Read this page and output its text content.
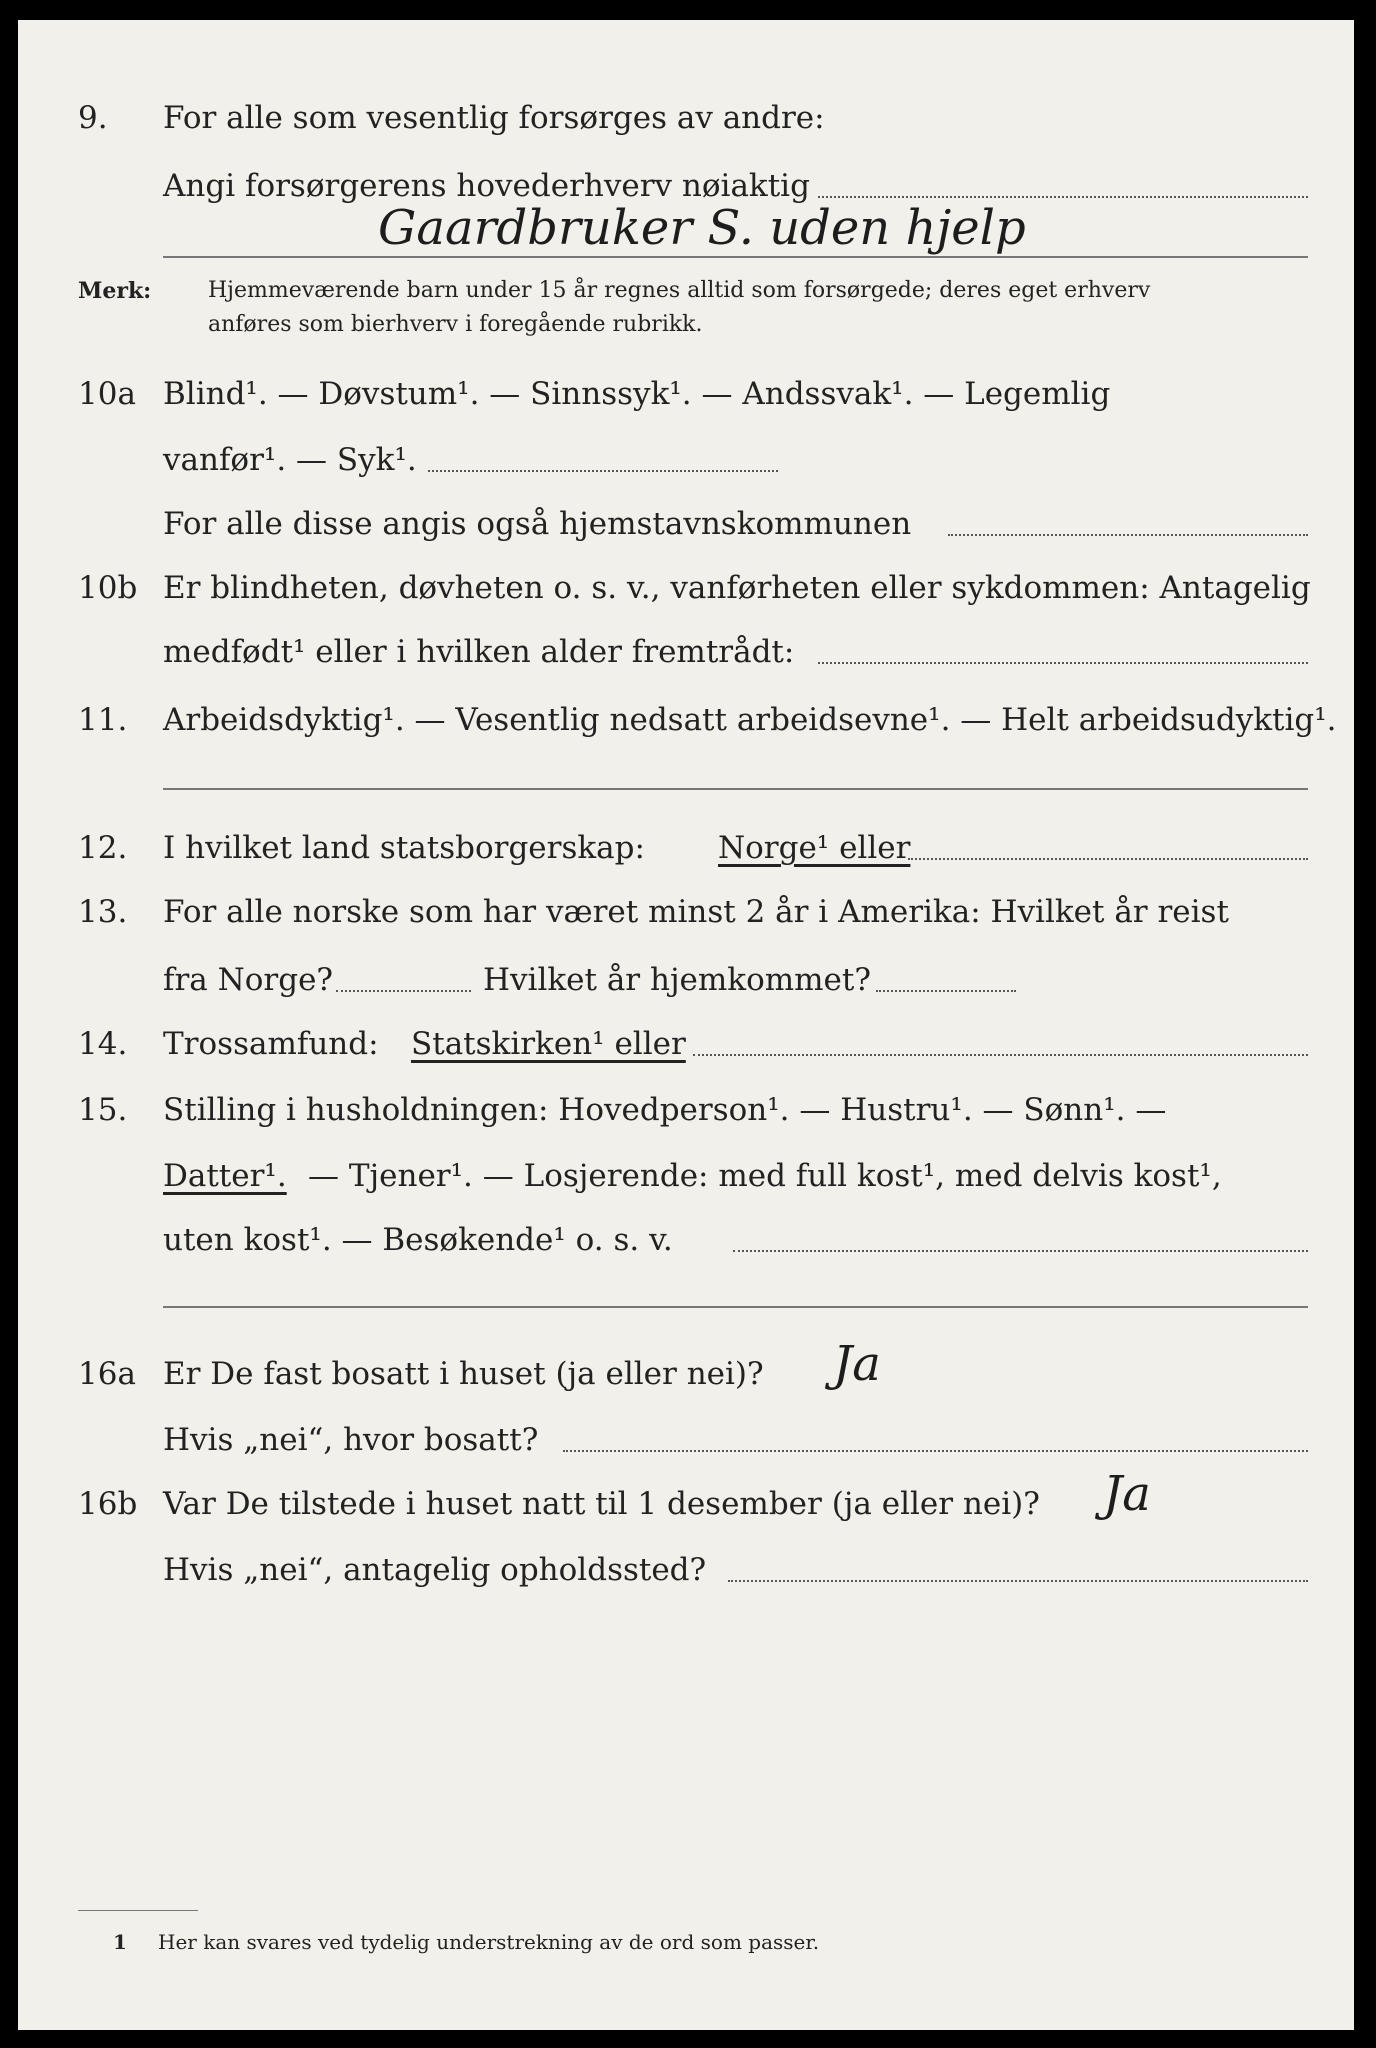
9. For alle som vesentlig forsørges av andre:
Angi forsørgerens hovederhverv nøiaktig
Gaardbruker S. uden hjelp
Merk:	Hjemmeværende barn under 15 år regnes alltid som forsørgede; deres eget erhverv
anføres som bierhverv i foregående rubrikk.
10a Blind¹. — Døvstum¹. — Sinnssyk¹. — Andssvak¹. — Legemlig
vanfør¹. — Syk¹.
For alle disse angis også hjemstavnskommunen
10b Er blindheten, døvheten o. s. v., vanførheten eller sykdommen: Antagelig
medfødt¹ eller i hvilken alder fremtrådt:
11. Arbeidsdyktig¹. — Vesentlig nedsatt arbeidsevne¹. — Helt arbeidsudyktig¹.
12. I hvilket land statsborgerskap: Norge¹ eller
13. For alle norske som har været minst 2 år i Amerika: Hvilket år reist
fra Norge?	Hvilket år hjemkommet?
14. Trossamfund: Statskirken¹ eller
15. Stilling i husholdningen: Hovedperson¹. — Hustru¹. — Sønn¹. —
Datter¹. — Tjener¹. — Losjerende: med full kost¹, med delvis kost¹,
uten kost¹. — Besøkende¹ o. s. v.
16a Er De fast bosatt i huset (ja eller nei)? Ja
Hvis „nei“, hvor bosatt?
16b Var De tilstede i huset natt til 1 desember (ja eller nei)? Ja
Hvis „nei“, antagelig opholdssted?
1 Her kan svares ved tydelig understrekning av de ord som passer.
